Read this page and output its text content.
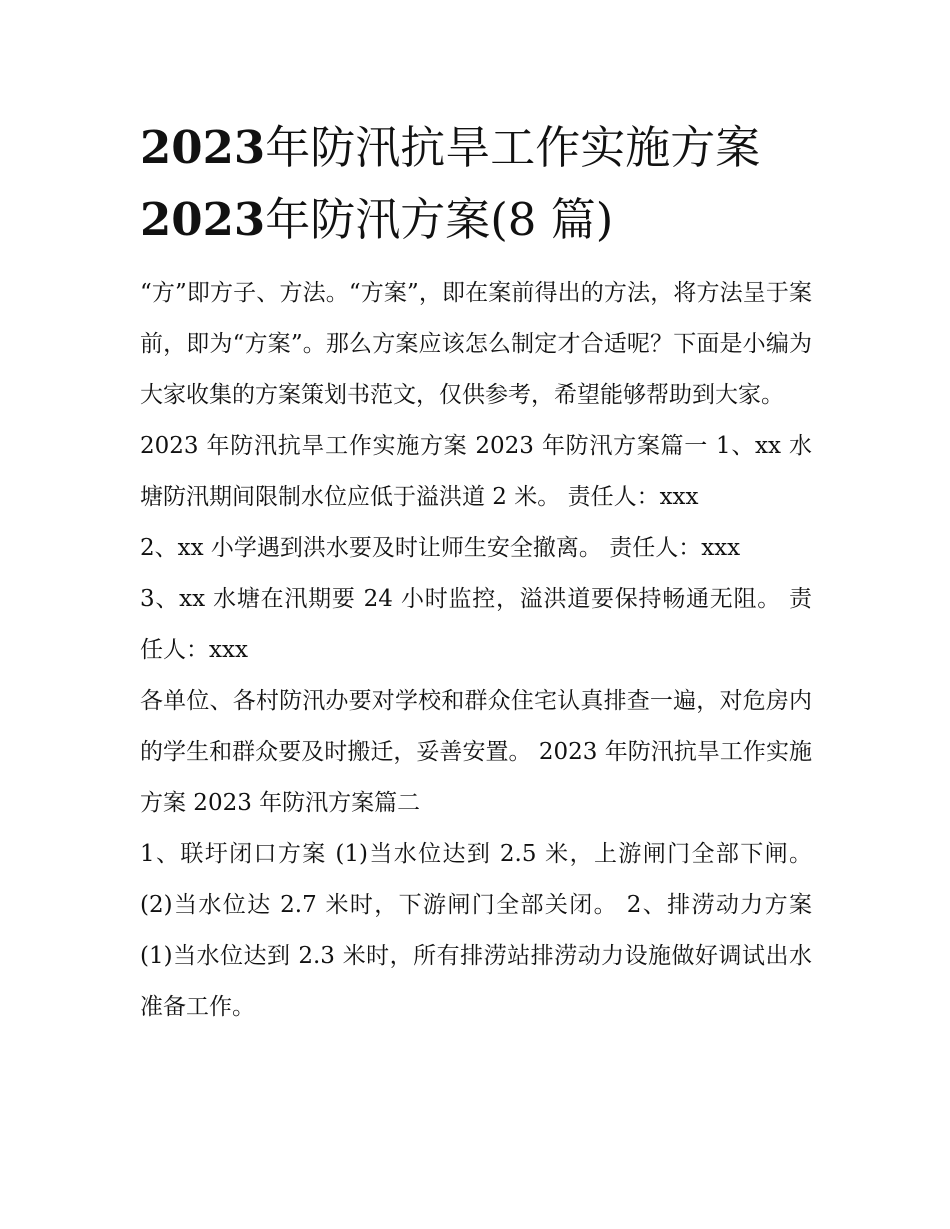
2023年防汛抗旱工作实施方案
2023年防汛方案(8 篇)

“方”即方子、方法。“方案”，即在案前得出的方法，将方法呈于案前，即为“方案”。那么方案应该怎么制定才合适呢？下面是小编为大家收集的方案策划书范文，仅供参考，希望能够帮助到大家。

2023 年防汛抗旱工作实施方案 2023 年防汛方案篇一 1、xx 水塘防汛期间限制水位应低于溢洪道 2 米。 责任人：xxx

2、xx 小学遇到洪水要及时让师生安全撤离。 责任人：xxx

3、xx 水塘在汛期要 24 小时监控，溢洪道要保持畅通无阻。 责任人：xxx

各单位、各村防汛办要对学校和群众住宅认真排查一遍，对危房内的学生和群众要及时搬迁，妥善安置。 2023 年防汛抗旱工作实施方案 2023 年防汛方案篇二

1、联圩闭口方案 (1)当水位达到 2.5 米，上游闸门全部下闸。 (2)当水位达 2.7 米时，下游闸门全部关闭。 2、排涝动力方案 (1)当水位达到 2.3 米时，所有排涝站排涝动力设施做好调试出水准备工作。
